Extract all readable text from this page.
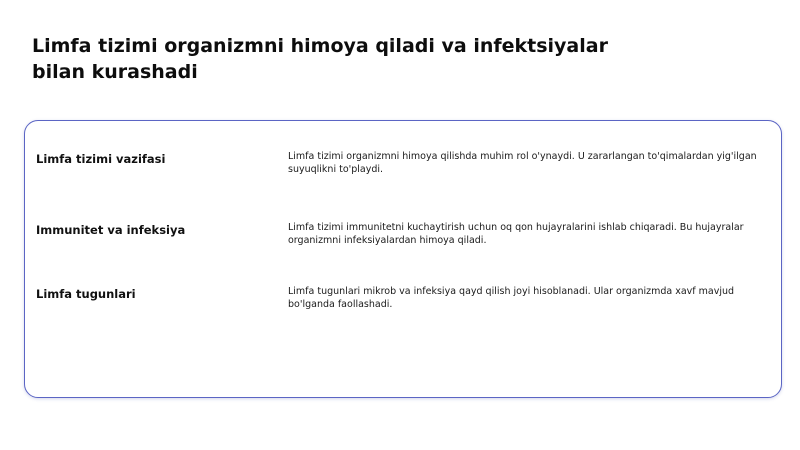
Limfa tizimi organizmni himoya qiladi va infektsiyalar bilan kurashadi

Limfa tizimi vazifasi	Limfa tizimi organizmni himoya qilishda muhim rol o'ynaydi. U zararlangan to'qimalardan yig'ilgan suyuqlikni to'playdi.

Immunitet va infeksiya	Limfa tizimi immunitetni kuchaytirish uchun oq qon hujayralarini ishlab chiqaradi. Bu hujayralar organizmni infeksiyalardan himoya qiladi.

Limfa tugunlari	Limfa tugunlari mikrob va infeksiya qayd qilish joyi hisoblanadi. Ular organizmda xavf mavjud bo'lganda faollashadi.
